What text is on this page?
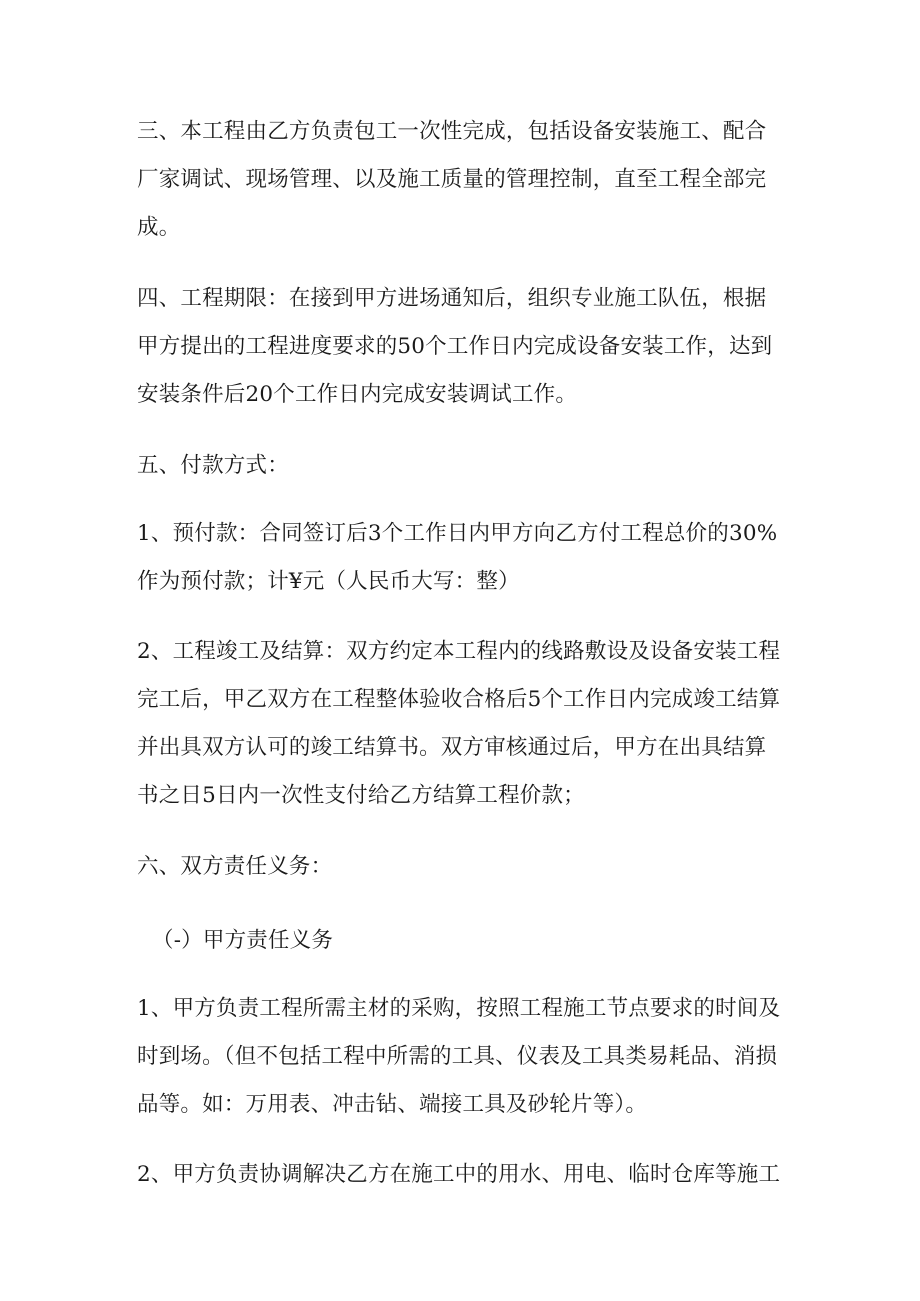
三、本工程由乙方负责包工一次性完成，包括设备安装施工、配合厂家调试、现场管理、以及施工质量的管理控制，直至工程全部完成。

四、工程期限：在接到甲方进场通知后，组织专业施工队伍，根据甲方提出的工程进度要求的50个工作日内完成设备安装工作，达到安装条件后20个工作日内完成安装调试工作。

五、付款方式：

1、预付款：合同签订后3个工作日内甲方向乙方付工程总价的30%作为预付款；计¥元（人民币大写：整）

2、工程竣工及结算：双方约定本工程内的线路敷设及设备安装工程完工后，甲乙双方在工程整体验收合格后5个工作日内完成竣工结算并出具双方认可的竣工结算书。双方审核通过后，甲方在出具结算书之日5日内一次性支付给乙方结算工程价款；

六、双方责任义务：

（-）甲方责任义务

1、甲方负责工程所需主材的采购，按照工程施工节点要求的时间及时到场。（但不包括工程中所需的工具、仪表及工具类易耗品、消损品等。如：万用表、冲击钻、端接工具及砂轮片等）。

2、甲方负责协调解决乙方在施工中的用水、用电、临时仓库等施工
